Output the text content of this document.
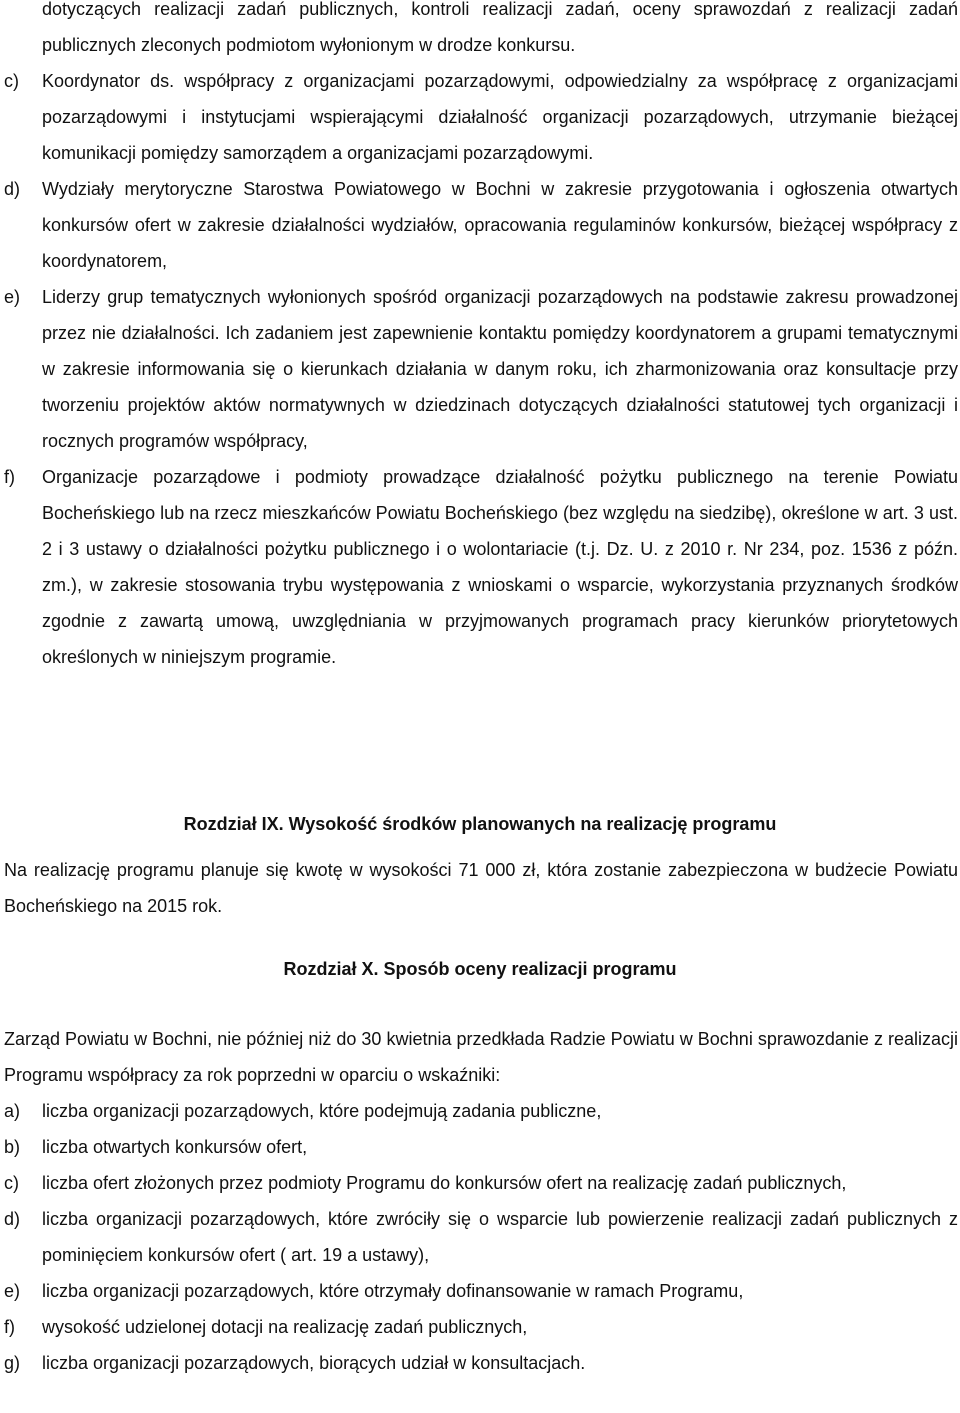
dotyczących realizacji zadań publicznych, kontroli realizacji zadań, oceny sprawozdań z realizacji zadań publicznych zleconych podmiotom wyłonionym w drodze konkursu.
c) Koordynator ds. współpracy z organizacjami pozarządowymi, odpowiedzialny za współpracę z organizacjami pozarządowymi i instytucjami wspierającymi działalność organizacji pozarządowych, utrzymanie bieżącej komunikacji pomiędzy samorządem a organizacjami pozarządowymi.
d) Wydziały merytoryczne Starostwa Powiatowego w Bochni w zakresie przygotowania i ogłoszenia otwartych konkursów ofert w zakresie działalności wydziałów, opracowania regulaminów konkursów, bieżącej współpracy z koordynatorem,
e) Liderzy grup tematycznych wyłonionych spośród organizacji pozarządowych na podstawie zakresu prowadzonej przez nie działalności. Ich zadaniem jest zapewnienie kontaktu pomiędzy koordynatorem a grupami tematycznymi w zakresie informowania się o kierunkach działania w danym roku, ich zharmonizowania oraz konsultacje przy tworzeniu projektów aktów normatywnych w dziedzinach dotyczących działalności statutowej tych organizacji i rocznych programów współpracy,
f) Organizacje pozarządowe i podmioty prowadzące działalność pożytku publicznego na terenie Powiatu Bocheńskiego lub na rzecz mieszkańców Powiatu Bocheńskiego (bez względu na siedzibę), określone w art. 3 ust. 2 i 3 ustawy o działalności pożytku publicznego i o wolontariacie (t.j. Dz. U. z 2010 r. Nr 234, poz. 1536 z późn. zm.), w zakresie stosowania trybu występowania z wnioskami o wsparcie, wykorzystania przyznanych środków zgodnie z zawartą umową, uwzględniania w przyjmowanych programach pracy kierunków priorytetowych określonych w niniejszym programie.
Rozdział IX. Wysokość środków planowanych na realizację programu
Na realizację programu planuje się kwotę w wysokości 71 000 zł, która zostanie zabezpieczona w budżecie Powiatu Bocheńskiego na 2015 rok.
Rozdział X. Sposób oceny realizacji programu
Zarząd Powiatu w Bochni, nie później niż do 30 kwietnia przedkłada Radzie Powiatu w Bochni sprawozdanie z realizacji Programu współpracy za rok poprzedni w oparciu o wskaźniki:
a) liczba organizacji pozarządowych, które podejmują zadania publiczne,
b) liczba otwartych konkursów ofert,
c) liczba ofert złożonych przez podmioty Programu do konkursów ofert na realizację zadań publicznych,
d) liczba organizacji pozarządowych, które zwróciły się o wsparcie lub powierzenie realizacji zadań publicznych z pominięciem konkursów ofert ( art. 19 a ustawy),
e) liczba organizacji pozarządowych, które otrzymały dofinansowanie w ramach Programu,
f) wysokość udzielonej dotacji na realizację zadań publicznych,
g) liczba organizacji pozarządowych, biorących udział w konsultacjach.
